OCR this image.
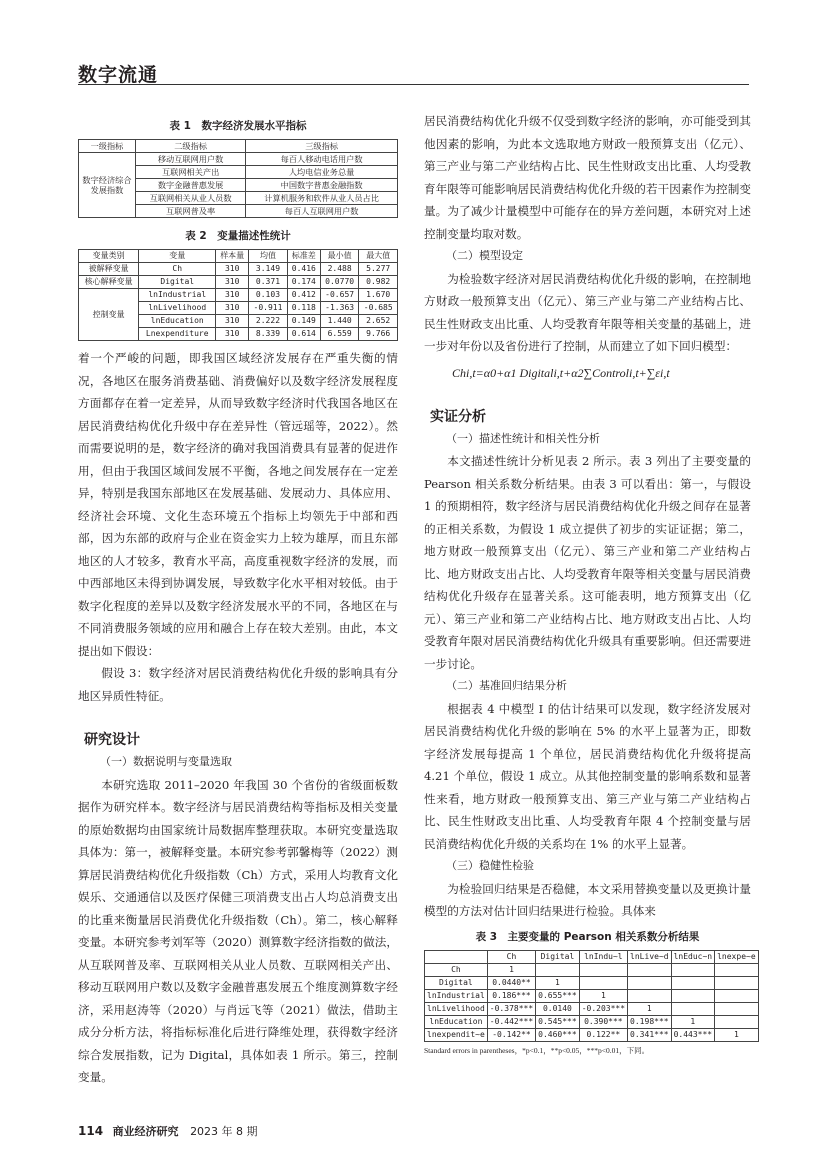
数字流通
表 1　数字经济发展水平指标
一级指标	二级指标	三级指标
数字经济综合发展指数	移动互联网用户数	每百人移动电话用户数
	互联网相关产出	人均电信业务总量
	数字金融普惠发展	中国数字普惠金融指数
	互联网相关从业人员数	计算机服务和软件从业人员占比
	互联网普及率	每百人互联网用户数
表 2　变量描述性统计
变量类别	变量	样本量	均值	标准差	最小值	最大值
被解释变量	Ch	310	3.149	0.416	2.488	5.277
核心解释变量	Digital	310	0.371	0.174	0.0770	0.982
控制变量	lnIndustrial	310	0.103	0.412	-0.657	1.670
	lnLivelihood	310	-0.911	0.118	-1.363	-0.685
	lnEducation	310	2.222	0.149	1.440	2.652
	Lnexpenditure	310	8.339	0.614	6.559	9.766

着一个严峻的问题，即我国区域经济发展存在严重失衡的情况，各地区在服务消费基础、消费偏好以及数字经济发展程度方面都存在着一定差异，从而导致数字经济时代我国各地区在居民消费结构优化升级中存在差异性（管远瑶等，2022）。然而需要说明的是，数字经济的确对我国消费具有显著的促进作用，但由于我国区域间发展不平衡，各地之间发展存在一定差异，特别是我国东部地区在发展基础、发展动力、具体应用、经济社会环境、文化生态环境五个指标上均领先于中部和西部，因为东部的政府与企业在资金实力上较为雄厚，而且东部地区的人才较多，教育水平高，高度重视数字经济的发展，而中西部地区未得到协调发展，导致数字化水平相对较低。由于数字化程度的差异以及数字经济发展水平的不同，各地区在与不同消费服务领域的应用和融合上存在较大差别。由此，本文提出如下假设：

假设 3：数字经济对居民消费结构优化升级的影响具有分地区异质性特征。

研究设计
（一）数据说明与变量选取

本研究选取 2011–2020 年我国 30 个省份的省级面板数据作为研究样本。数字经济与居民消费结构等指标及相关变量的原始数据均由国家统计局数据库整理获取。本研究变量选取具体为：第一，被解释变量。本研究参考郭馨梅等（2022）测算居民消费结构优化升级指数（Ch）方式，采用人均教育文化娱乐、交通通信以及医疗保健三项消费支出占人均总消费支出的比重来衡量居民消费优化升级指数（Ch）。第二，核心解释变量。本研究参考刘军等（2020）测算数字经济指数的做法，从互联网普及率、互联网相关从业人员数、互联网相关产出、移动互联网用户数以及数字金融普惠发展五个维度测算数字经济，采用赵涛等（2020）与肖远飞等（2021）做法，借助主成分分析方法，将指标标准化后进行降维处理，获得数字经济综合发展指数，记为 Digital，具体如表 1 所示。第三，控制变量。

居民消费结构优化升级不仅受到数字经济的影响，亦可能受到其他因素的影响，为此本文选取地方财政一般预算支出（亿元）、第三产业与第二产业结构占比、民生性财政支出比重、人均受教育年限等可能影响居民消费结构优化升级的若干因素作为控制变量。为了减少计量模型中可能存在的异方差问题，本研究对上述控制变量均取对数。

（二）模型设定

为检验数字经济对居民消费结构优化升级的影响，在控制地方财政一般预算支出（亿元）、第三产业与第二产业结构占比、民生性财政支出比重、人均受教育年限等相关变量的基础上，进一步对年份以及省份进行了控制，从而建立了如下回归模型：

Chi,t=α0+α1 Digitali,t+α2∑Controli,t+∑εi,t
实证分析
（一）描述性统计和相关性分析

本文描述性统计分析见表 2 所示。表 3 列出了主要变量的 Pearson 相关系数分析结果。由表 3 可以看出：第一，与假设 1 的预期相符，数字经济与居民消费结构优化升级之间存在显著的正相关系数，为假设 1 成立提供了初步的实证证据；第二，地方财政一般预算支出（亿元）、第三产业和第二产业结构占比、地方财政支出占比、人均受教育年限等相关变量与居民消费结构优化升级存在显著关系。这可能表明，地方预算支出（亿元）、第三产业和第二产业结构占比、地方财政支出占比、人均受教育年限对居民消费结构优化升级具有重要影响。但还需要进一步讨论。

（二）基准回归结果分析

根据表 4 中模型 Ⅰ 的估计结果可以发现，数字经济发展对居民消费结构优化升级的影响在 5% 的水平上显著为正，即数字经济发展每提高 1 个单位，居民消费结构优化升级将提高 4.21 个单位，假设 1 成立。从其他控制变量的影响系数和显著性来看，地方财政一般预算支出、第三产业与第二产业结构占比、民生性财政支出比重、人均受教育年限 4 个控制变量与居民消费结构优化升级的关系均在 1% 的水平上显著。

（三）稳健性检验

为检验回归结果是否稳健，本文采用替换变量以及更换计量模型的方法对估计回归结果进行检验。具体来

表 3　主要变量的 Pearson 相关系数分析结果
	Ch	Digital	lnIndu~l	lnLive~d	lnEduc~n	lnexpe~e
Ch	1					
Digital	0.0440**	1				
lnIndustrial	0.186***	0.655***	1			
lnLivelihood	-0.378***	0.0140	-0.203***	1		
lnEducation	-0.442***	0.545***	0.390***	0.198***	1	
lnexpendit~e	-0.142**	0.460***	0.122**	0.341***	0.443***	1
Standard errors in parentheses，*p<0.1，**p<0.05，***p<0.01，下同。
114 商业经济研究 2023 年 8 期
